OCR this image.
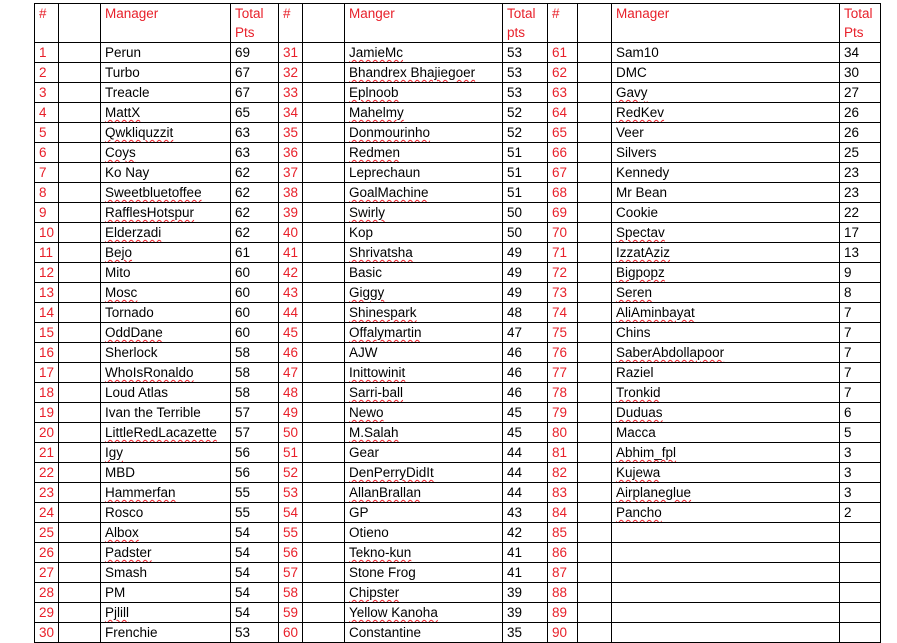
#		Manager	Total Pts	#		Manger	Total pts	#		Manager	Total Pts
1		Perun	69	31		JamieMc	53	61		Sam10	34
2		Turbo	67	32		Bhandrex Bhajiegoer	53	62		DMC	30
3		Treacle	67	33		Eplnoob	53	63		Gavy	27
4		MattX	65	34		Mahelmy	52	64		RedKev	26
5		Qwkliquzzit	63	35		Donmourinho	52	65		Veer	26
6		Coys	63	36		Redmen	51	66		Silvers	25
7		Ko Nay	62	37		Leprechaun	51	67		Kennedy	23
8		Sweetbluetoffee	62	38		GoalMachine	51	68		Mr Bean	23
9		RafflesHotspur	62	39		Swirly	50	69		Cookie	22
10		Elderzadi	62	40		Kop	50	70		Spectav	17
11		Bejo	61	41		Shrivatsha	49	71		IzzatAziz	13
12		Mito	60	42		Basic	49	72		Bigpopz	9
13		Mosc	60	43		Giggy	49	73		Seren	8
14		Tornado	60	44		Shinespark	48	74		AliAminbayat	7
15		OddDane	60	45		Offalymartin	47	75		Chins	7
16		Sherlock	58	46		AJW	46	76		SaberAbdollapoor	7
17		WhoIsRonaldo	58	47		Inittowinit	46	77		Raziel	7
18		Loud Atlas	58	48		Sarri-ball	46	78		Tronkid	7
19		Ivan the Terrible	57	49		Newo	45	79		Duduas	6
20		LittleRedLacazette	57	50		M.Salah	45	80		Macca	5
21		Igy	56	51		Gear	44	81		Abhim_fpl	3
22		MBD	56	52		DenPerryDidIt	44	82		Kujewa	3
23		Hammerfan	55	53		AllanBrallan	44	83		Airplaneglue	3
24		Rosco	55	54		GP	43	84		Pancho	2
25		Albox	54	55		Otieno	42	85			
26		Padster	54	56		Tekno-kun	41	86			
27		Smash	54	57		Stone Frog	41	87			
28		PM	54	58		Chipster	39	88			
29		Pjlill	54	59		Yellow Kanoha	39	89			
30		Frenchie	53	60		Constantine	35	90			
